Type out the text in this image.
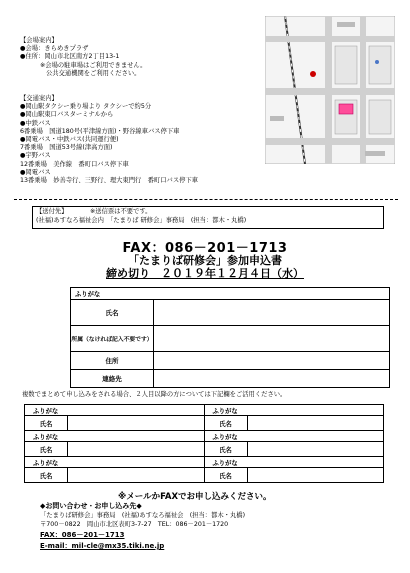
【会場案内】
●会場：きらめきプラザ
●住所：岡山市北区南方2丁目13-1
※会場の駐車場はご利用できません。
公共交通機関をご利用ください。
【交通案内】
●岡山駅タクシー乗り場より タクシーで約5分
●岡山駅東口バスターミナルから
●中鉄バス
6番乗場　国道180号(平津線方面)・野谷線車バス停下車
●岡電バス・中鉄バス(共同運行便)
7番乗場　国道53号線(津高方面)
●宇野バス
12番乗場　美作線　番町口バス停下車
●岡電バス
13番乗場　妙善寺行、三野行、理大東門行　番町口バス停下車
【送付先】	※送信票は不要です。
(社福)あすなろ福祉会内　「たまりば 研修会」事務局　(担当：都木・丸橋)
FAX：086－201－1713
「たまりば研修会」参加申込書
締め切り　２０１９年１２月４日（水）
ふりがな	
氏名	
所属（なければ記入不要です）	
住所	
連絡先	
複数でまとめて申し込みをされる場合、２人目以降の方については下記欄をご活用ください。
ふりがな		ふりがな	
氏名		氏名	
ふりがな		ふりがな	
氏名		氏名	
ふりがな		ふりがな	
氏名		氏名	
※メールかFAXでお申し込みください。
◆お問い合わせ・お申し込み先◆
「たまりば研修会」事務局　(社福)あすなろ福祉会　(担当：都木・丸橋)
〒700－0822　岡山市北区表町3-7-27　TEL：086－201－1720
FAX：086－201－1713
E-mail：mil-cle@mx35.tiki.ne.jp
